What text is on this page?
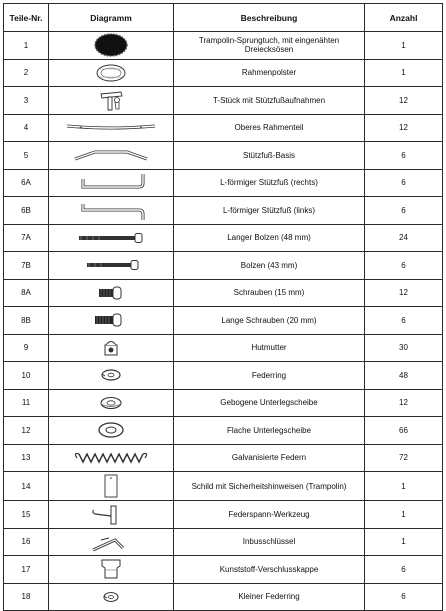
Teile-Nr.	Diagramm	Beschreibung	Anzahl
1		Trampolin-Sprungtuch, mit eingenähten Dreiecksösen	1
2		Rahmenpolster	1
3		T-Stück mit Stützfußaufnahmen	12
4		Oberes Rahmenteil	12
5		Stützfuß-Basis	6
6A		L-förmiger Stützfuß (rechts)	6
6B		L-förmiger Stützfuß (links)	6
7A		Langer Bolzen (48 mm)	24
7B		Bolzen (43 mm)	6
8A		Schrauben (15 mm)	12
8B		Lange Schrauben (20 mm)	6
9		Hutmutter	30
10		Federring	48
11		Gebogene Unterlegscheibe	12
12		Flache Unterlegscheibe	66
13		Galvanisierte Federn	72
14		Schild mit Sicherheitshinweisen (Trampolin)	1
15		Federspann-Werkzeug	1
16		Inbusschlüssel	1
17		Kunststoff-Verschlusskappe	6
18		Kleiner Federring	6
